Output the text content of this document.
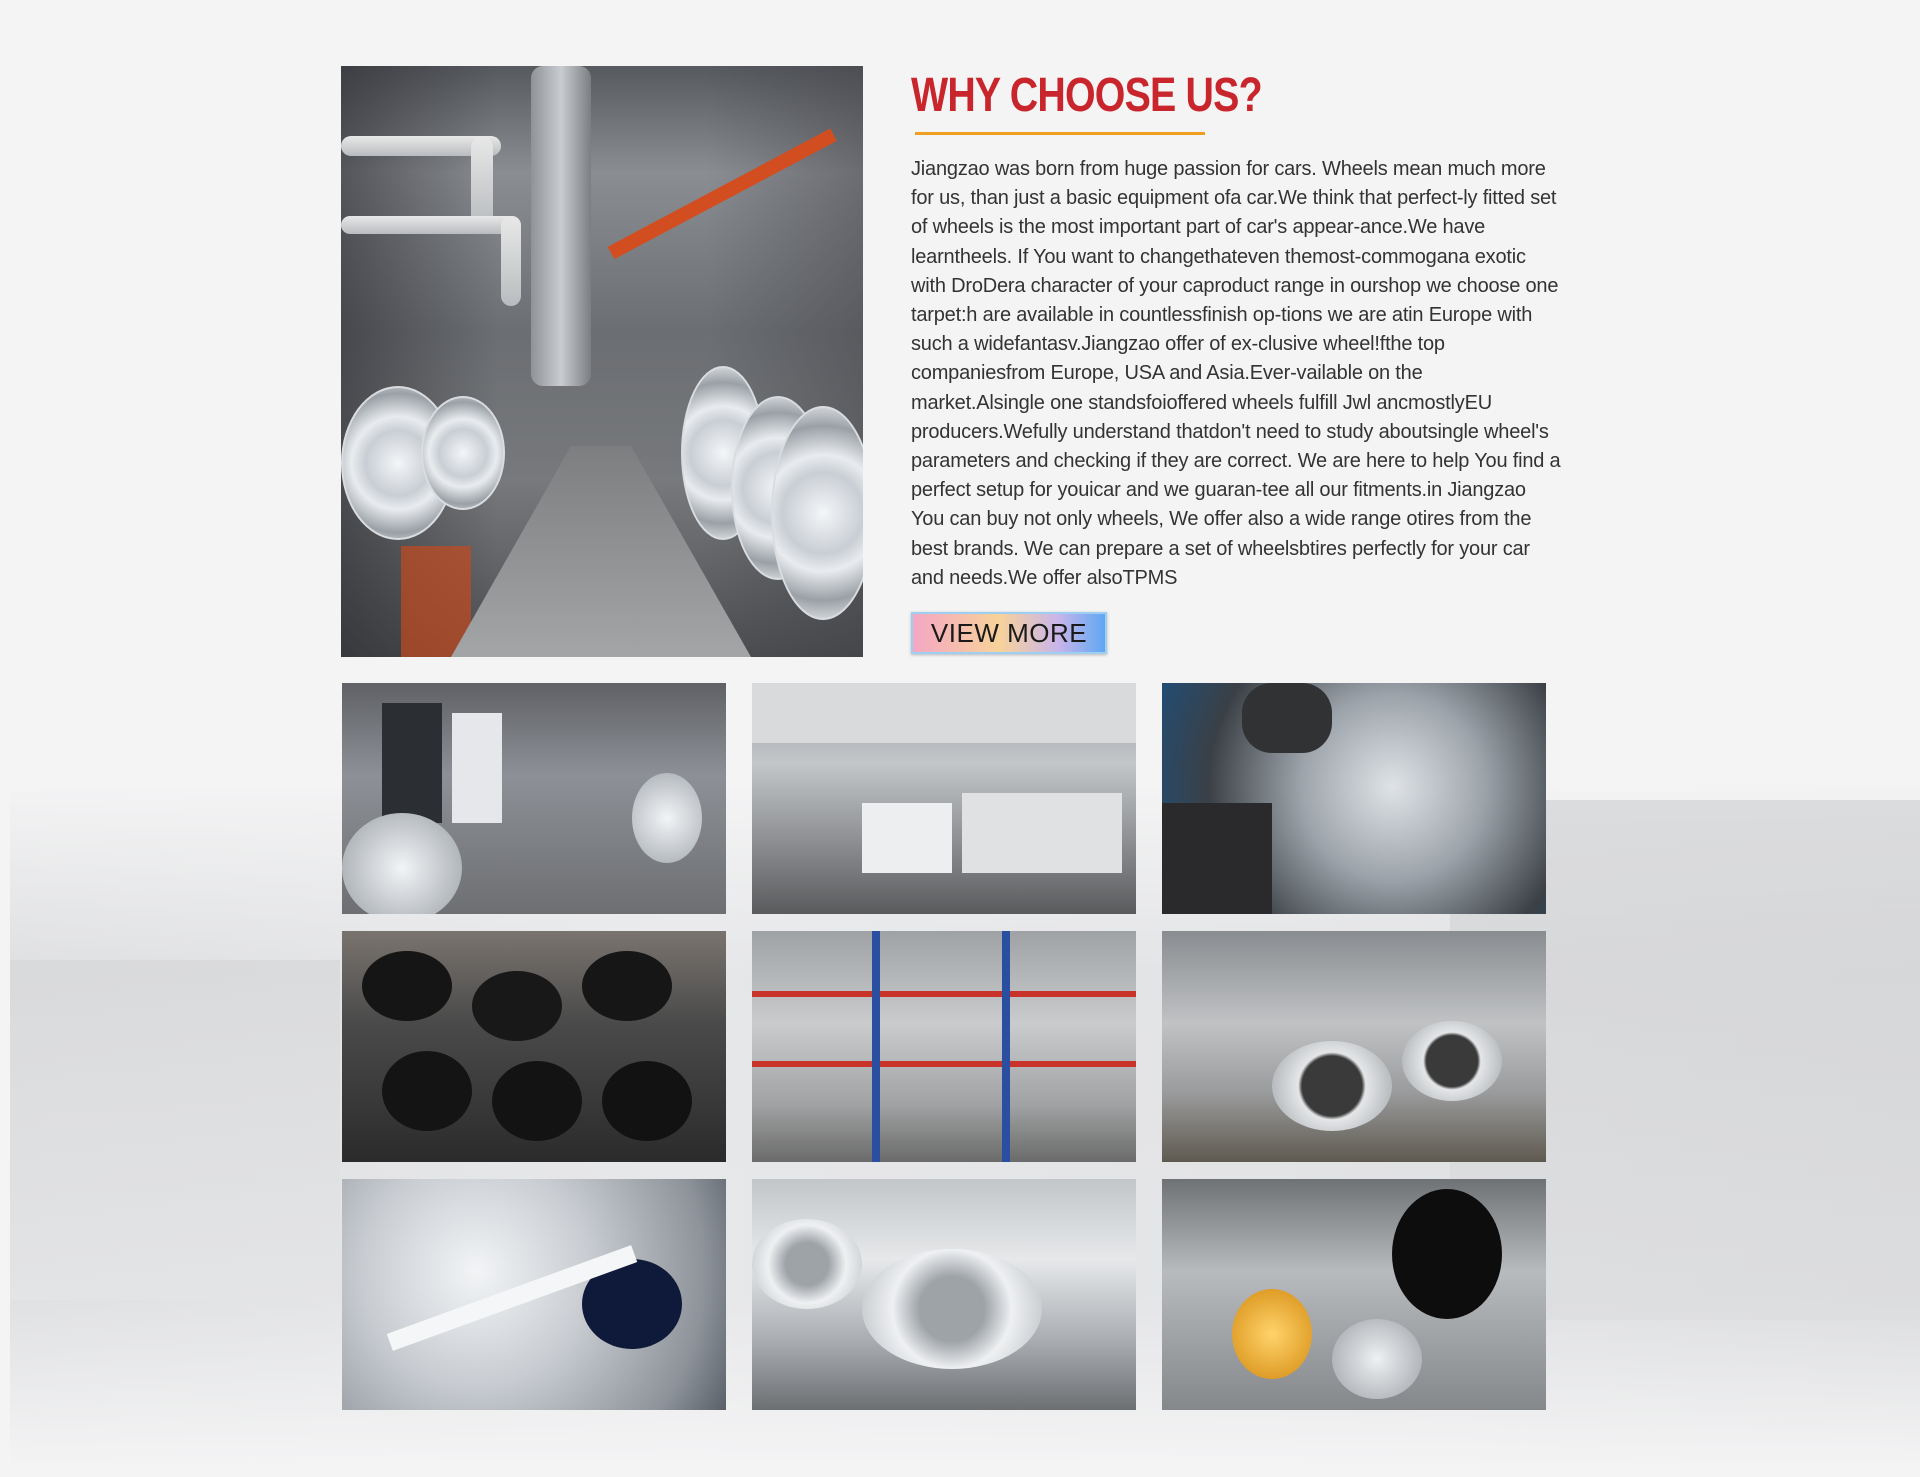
WHY CHOOSE US?

Jiangzao was born from huge passion for cars. Wheels mean much more for us, than just a basic equipment ofa car.We think that perfect-ly fitted set of wheels is the most important part of car's appear-ance.We have learntheels. If You want to changethateven themost-commogana exotic with DroDera character of your caproduct range in ourshop we choose one tarpet:h are available in countlessfinish op-tions we are atin Europe with such a widefantasv.Jiangzao offer of ex-clusive wheel!fthe top companiesfrom Europe, USA and Asia.Ever-vailable on the market.Alsingle one standsfoioffered wheels fulfill Jwl ancmostlyEU producers.Wefully understand thatdon't need to study aboutsingle wheel's parameters and checking if they are correct. We are here to help You find a perfect setup for youicar and we guaran-tee all our fitments.in Jiangzao You can buy not only wheels, We offer also a wide range otires from the best brands. We can prepare a set of wheelsbtires perfectly for your car and needs.We offer alsoTPMS

VIEW MORE
